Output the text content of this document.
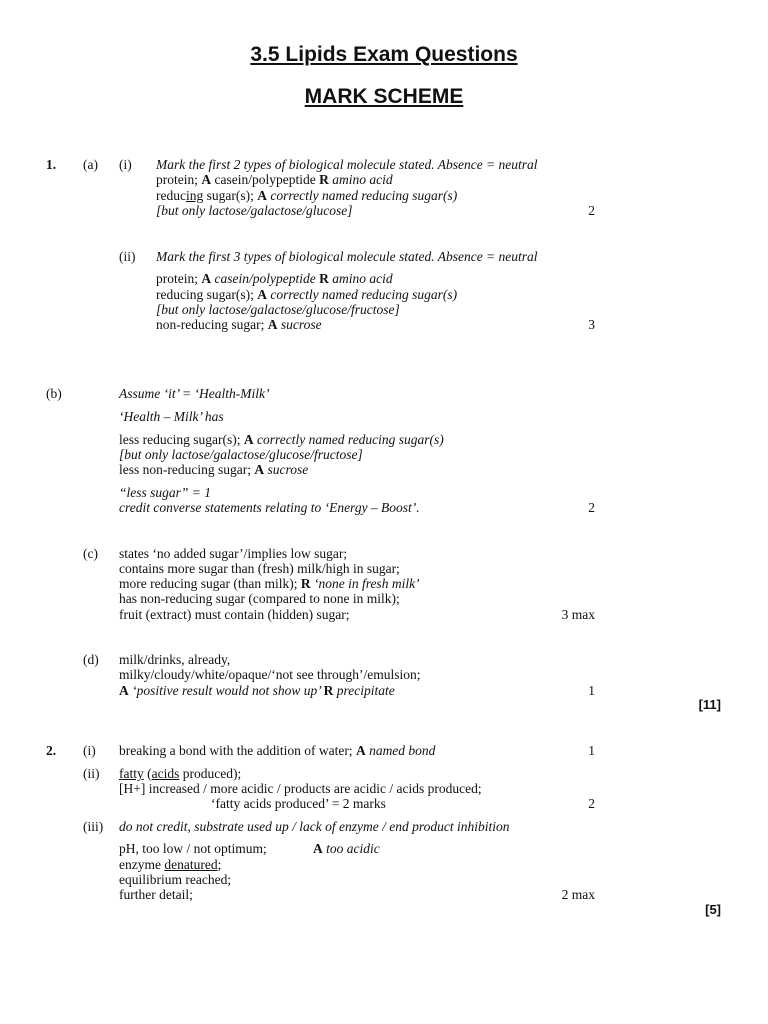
3.5 Lipids Exam Questions
MARK SCHEME
1. (a) (i) Mark the first 2 types of biological molecule stated. Absence = neutral
protein; A casein/polypeptide R amino acid
reducing sugar(s); A correctly named reducing sugar(s)
[but only lactose/galactose/glucose]	2
(ii) Mark the first 3 types of biological molecule stated. Absence = neutral
protein; A casein/polypeptide R amino acid
reducing sugar(s); A correctly named reducing sugar(s)
[but only lactose/galactose/glucose/fructose]
non-reducing sugar; A sucrose	3
(b)	Assume ‘it’ = ‘Health-Milk’
‘Health – Milk’ has
less reducing sugar(s); A correctly named reducing sugar(s)
[but only lactose/galactose/glucose/fructose]
less non-reducing sugar; A sucrose
“less sugar” = 1
credit converse statements relating to ‘Energy – Boost’.	2
(c) states ‘no added sugar’/implies low sugar;
contains more sugar than (fresh) milk/high in sugar;
more reducing sugar (than milk); R ‘none in fresh milk’
has non-reducing sugar (compared to none in milk);
fruit (extract) must contain (hidden) sugar;	3 max
(d) milk/drinks, already,
milky/cloudy/white/opaque/‘not see through’/emulsion;
A ‘positive result would not show up’ R precipitate	1
[11]
2. (i) breaking a bond with the addition of water; A named bond	1
(ii) fatty (acids produced);
[H+] increased / more acidic / products are acidic / acids produced;
‘fatty acids produced’ = 2 marks	2
(iii) do not credit, substrate used up / lack of enzyme / end product inhibition
pH, too low / not optimum;	A too acidic
enzyme denatured;
equilibrium reached;
further detail;	2 max
[5]
